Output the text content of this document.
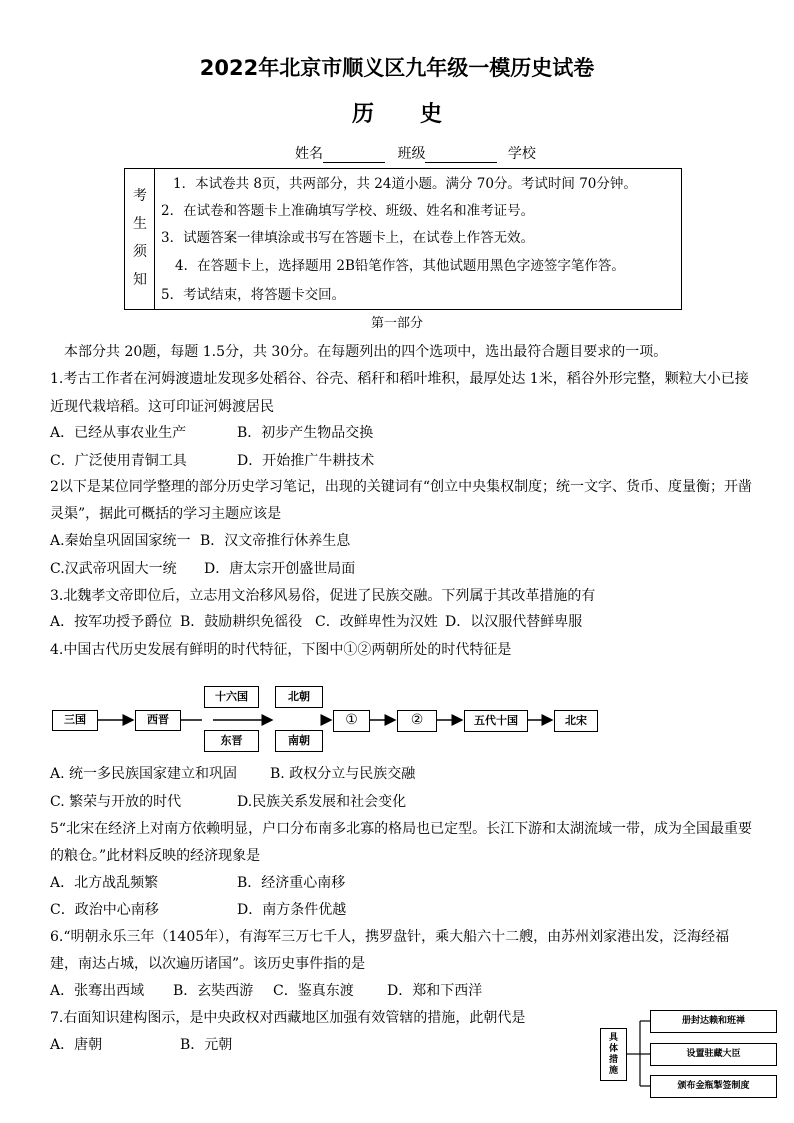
2022年北京市顺义区九年级一模历史试卷
历史
姓名	班级	学校
考
生
须
知
1．本试卷共 8页，共两部分，共 24道小题。满分 70分。考试时间 70分钟。
2．在试卷和答题卡上准确填写学校、班级、姓名和准考证号。
3．试题答案一律填涂或书写在答题卡上，在试卷上作答无效。
4．在答题卡上，选择题用 2B铅笔作答，其他试题用黑色字迹签字笔作答。
5．考试结束，将答题卡交回。
第一部分
本部分共 20题，每题 1.5分，共 30分。在每题列出的四个选项中，选出最符合题目要求的一项。
1.考古工作者在河姆渡遗址发现多处稻谷、谷壳、稻秆和稻叶堆积，最厚处达 1米，稻谷外形完整，颗粒大小已接
近现代栽培稻。这可印证河姆渡居民
A．已经从事农业生产	B．初步产生物品交换
C．广泛使用青铜工具	D．开始推广牛耕技术
2以下是某位同学整理的部分历史学习笔记，出现的关键词有“创立中央集权制度；统一文字、货币、度量衡；开凿
灵渠”，据此可概括的学习主题应该是
A.秦始皇巩固国家统一 B．汉文帝推行休养生息
C.汉武帝巩固大一统 D．唐太宗开创盛世局面
3.北魏孝文帝即位后，立志用文治移风易俗，促进了民族交融。下列属于其改革措施的有
A．按军功授予爵位 B．鼓励耕织免徭役 C．改鲜卑性为汉姓 D．以汉服代替鲜卑服
4.中国古代历史发展有鲜明的时代特征，下图中①②两朝所处的时代特征是
三国	西晋
十六国
东晋
北朝
南朝
①	②	五代十国	北宋
A. 统一多民族国家建立和巩固 B. 政权分立与民族交融
C. 繁荣与开放的时代	D.民族关系发展和社会变化
5“北宋在经济上对南方依赖明显，户口分布南多北寡的格局也已定型。长江下游和太湖流域一带，成为全国最重要
的粮仓。”此材料反映的经济现象是
A．北方战乱频繁	B．经济重心南移
C．政治中心南移	D．南方条件优越
6.“明朝永乐三年（1405年），有海军三万七千人，携罗盘针，乘大船六十二艘，由苏州刘家港出发，泛海经福
建，南达占城，以次遍历诸国”。该历史事件指的是
A．张骞出西域 B．玄奘西游 C．鉴真东渡 D．郑和下西洋
7.右面知识建构图示，是中央政权对西藏地区加强有效管辖的措施，此朝代是
A．唐朝	B．元朝	具
体
措
施
册封达赖和班禅
设置驻藏大臣
颁布金瓶掣签制度
